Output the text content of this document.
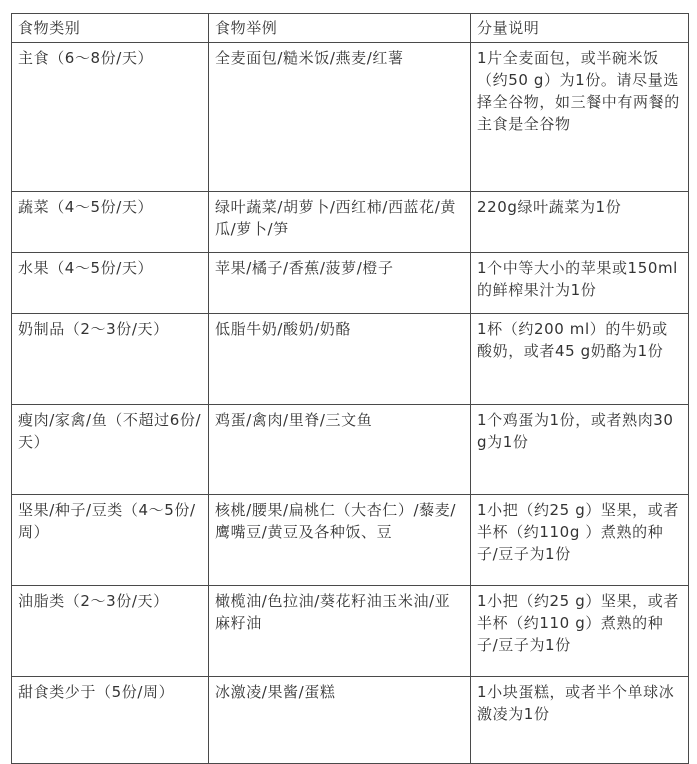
食物类别	食物举例	分量说明
主食（6～8份/天）	全麦面包/糙米饭/燕麦/红薯	1片全麦面包，或半碗米饭（约50 g）为1份。请尽量选择全谷物，如三餐中有两餐的主食是全谷物
蔬菜（4～5份/天）	绿叶蔬菜/胡萝卜/西红柿/西蓝花/黄瓜/萝卜/笋	220g绿叶蔬菜为1份
水果（4～5份/天）	苹果/橘子/香蕉/菠萝/橙子	1个中等大小的苹果或150ml的鲜榨果汁为1份
奶制品（2～3份/天）	低脂牛奶/酸奶/奶酪	1杯（约200 ml）的牛奶或酸奶，或者45 g奶酪为1份
瘦肉/家禽/鱼（不超过6份/天）	鸡蛋/禽肉/里脊/三文鱼	1个鸡蛋为1份，或者熟肉30 g为1份
坚果/种子/豆类（4～5份/周）	核桃/腰果/扁桃仁（大杏仁）/藜麦/鹰嘴豆/黄豆及各种饭、豆	1小把（约25 g）坚果，或者半杯（约110g ）煮熟的种子/豆子为1份
油脂类（2～3份/天）	橄榄油/色拉油/葵花籽油玉米油/亚麻籽油	1小把（约25 g）坚果，或者半杯（约110 g）煮熟的种子/豆子为1份
甜食类少于（5份/周）	冰激凌/果酱/蛋糕	1小块蛋糕，或者半个单球冰激凌为1份
